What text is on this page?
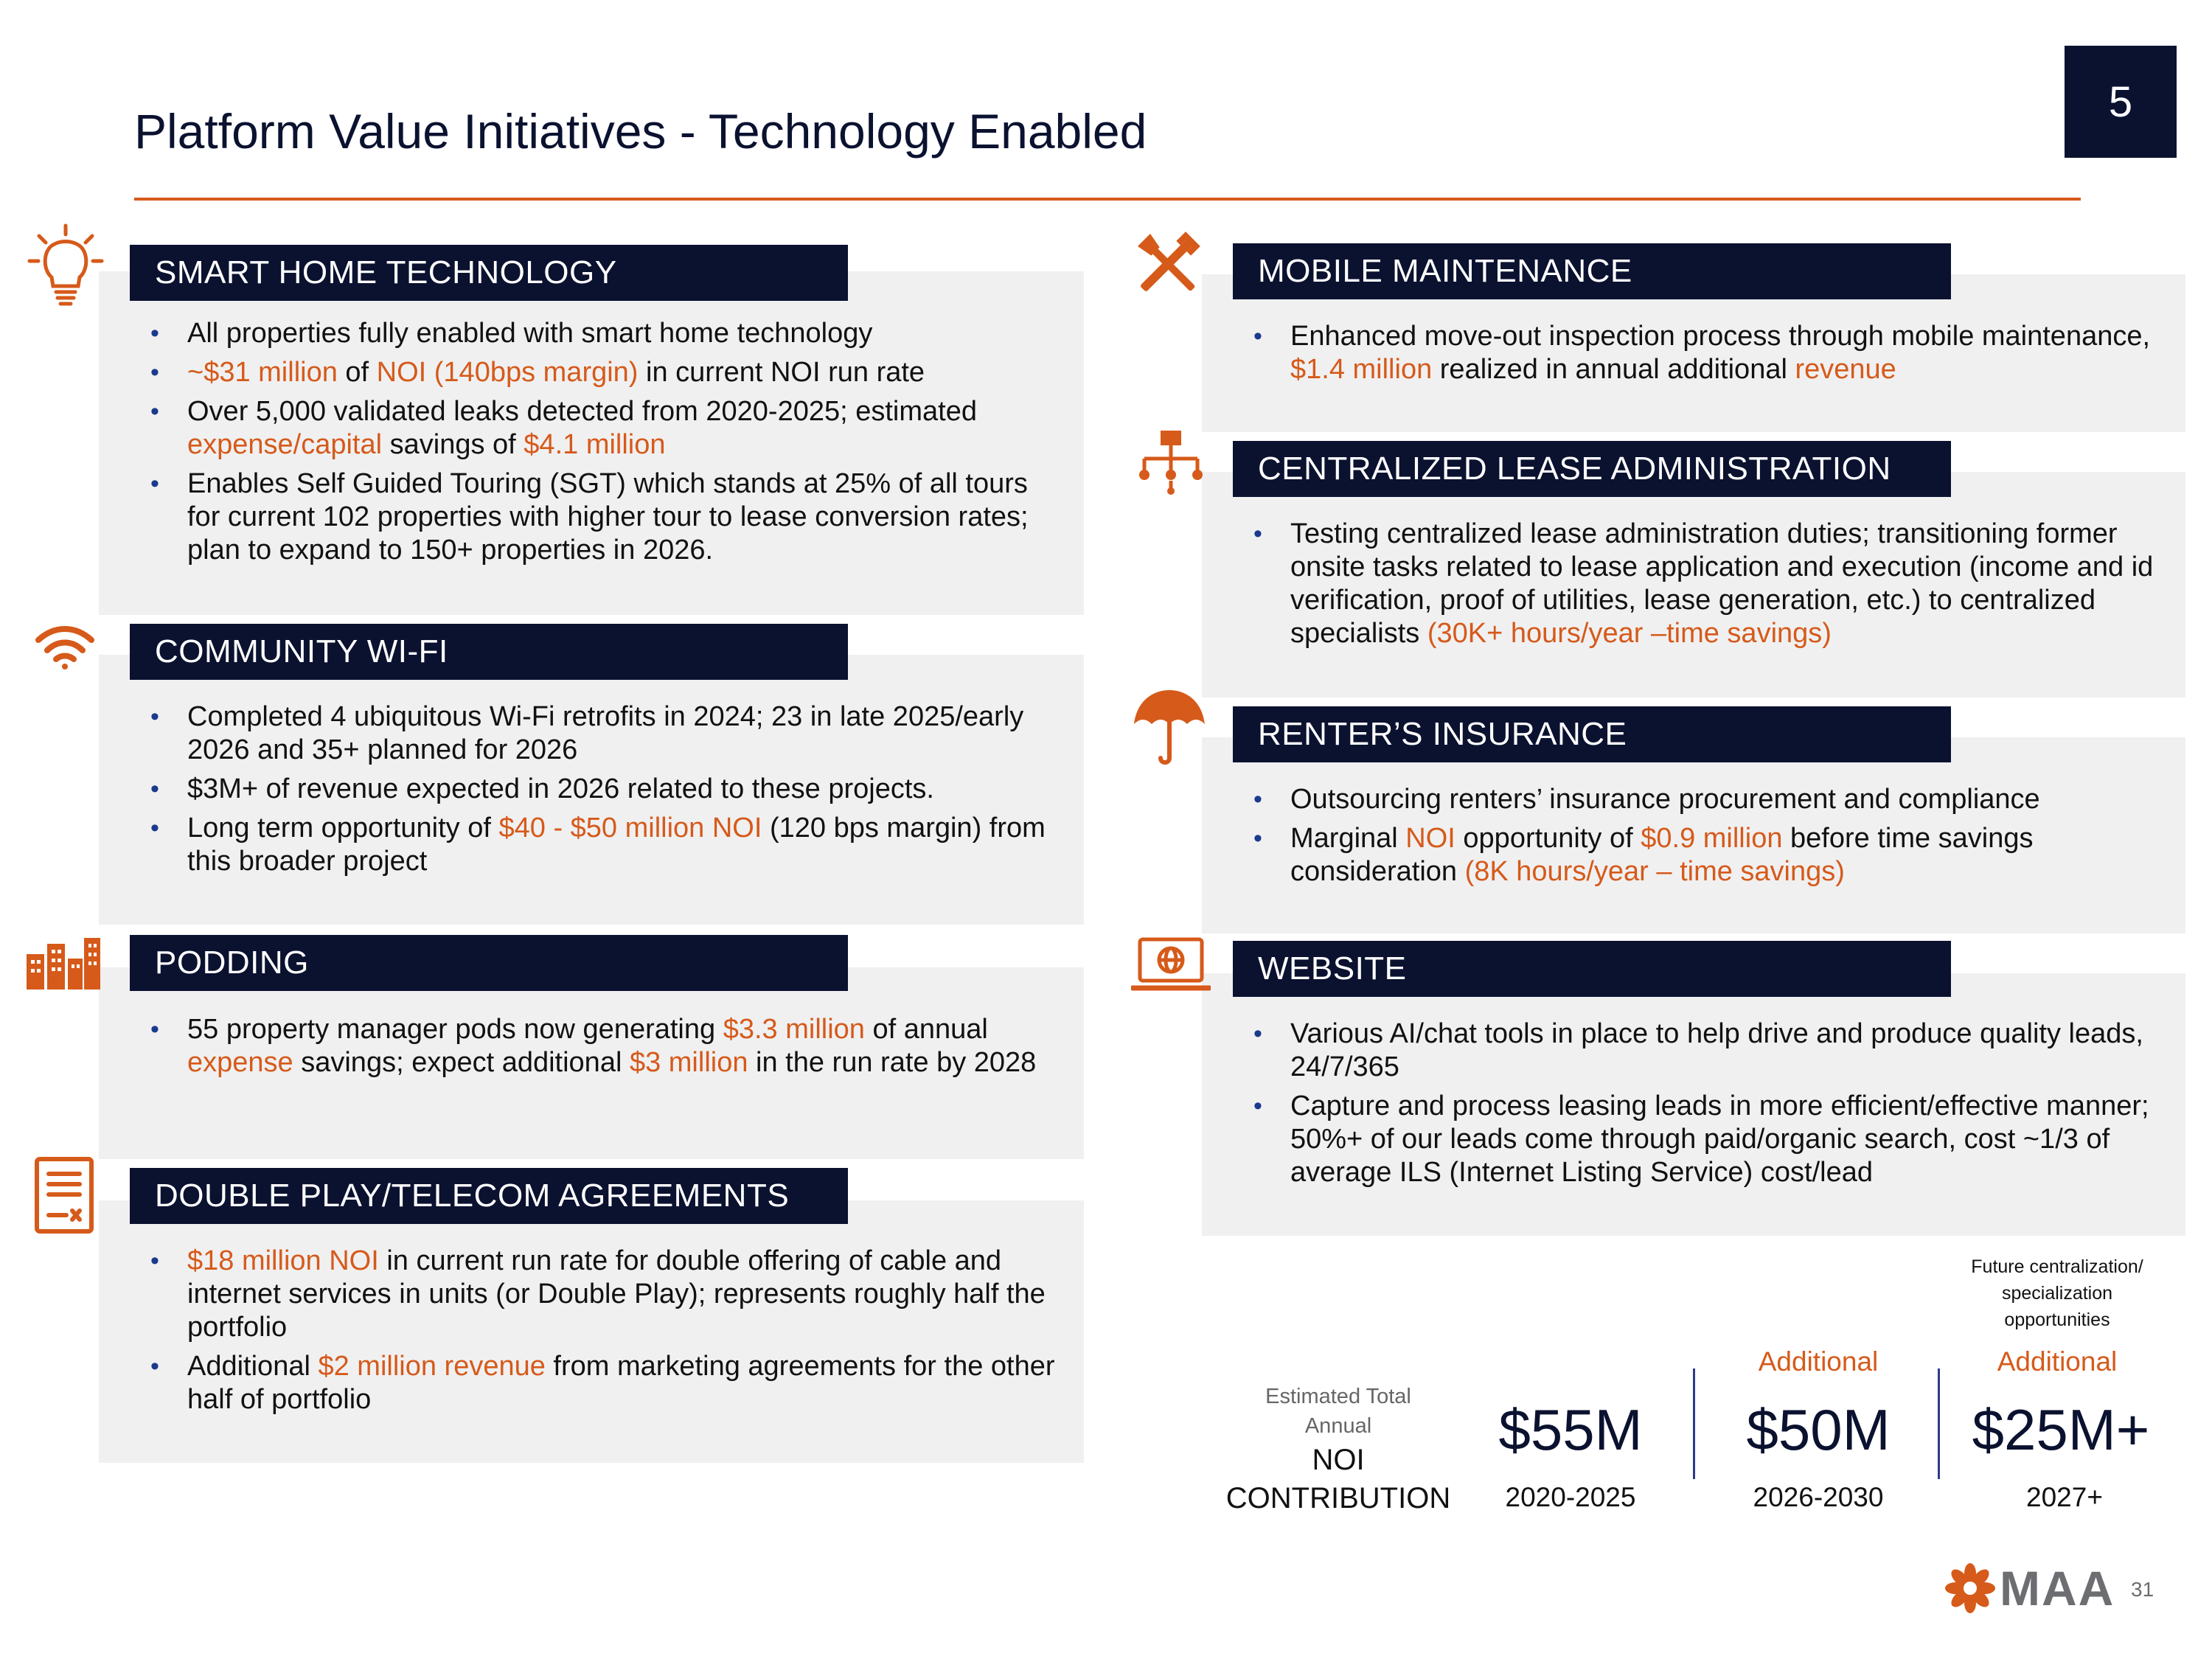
Platform Value Initiatives - Technology Enabled
5
SMART HOME TECHNOLOGY
• All properties fully enabled with smart home technology
• ~$31 million of NOI (140bps margin) in current NOI run rate
• Over 5,000 validated leaks detected from 2020-2025; estimated expense/capital savings of $4.1 million
• Enables Self Guided Touring (SGT) which stands at 25% of all tours for current 102 properties with higher tour to lease conversion rates; plan to expand to 150+ properties in 2026.
COMMUNITY WI-FI
• Completed 4 ubiquitous Wi-Fi retrofits in 2024; 23 in late 2025/early 2026 and 35+ planned for 2026
• $3M+ of revenue expected in 2026 related to these projects.
• Long term opportunity of $40 - $50 million NOI (120 bps margin) from this broader project
PODDING
• 55 property manager pods now generating $3.3 million of annual expense savings; expect additional $3 million in the run rate by 2028
DOUBLE PLAY/TELECOM AGREEMENTS
• $18 million NOI in current run rate for double offering of cable and internet services in units (or Double Play); represents roughly half the portfolio
• Additional $2 million revenue from marketing agreements for the other half of portfolio
MOBILE MAINTENANCE
• Enhanced move-out inspection process through mobile maintenance, $1.4 million realized in annual additional revenue
CENTRALIZED LEASE ADMINISTRATION
• Testing centralized lease administration duties; transitioning former onsite tasks related to lease application and execution (income and id verification, proof of utilities, lease generation, etc.) to centralized specialists (30K+ hours/year –time savings)
RENTER’S INSURANCE
• Outsourcing renters’ insurance procurement and compliance
• Marginal NOI opportunity of $0.9 million before time savings consideration (8K hours/year – time savings)
WEBSITE
• Various AI/chat tools in place to help drive and produce quality leads, 24/7/365
• Capture and process leasing leads in more efficient/effective manner; 50%+ of our leads come through paid/organic search, cost ~1/3 of average ILS (Internet Listing Service) cost/lead
Estimated Total
Annual
NOI
CONTRIBUTION
$55M
2020-2025
Additional
$50M
2026-2030
Future centralization/
specialization
opportunities
Additional
$25M+
2027+
MAA 31
